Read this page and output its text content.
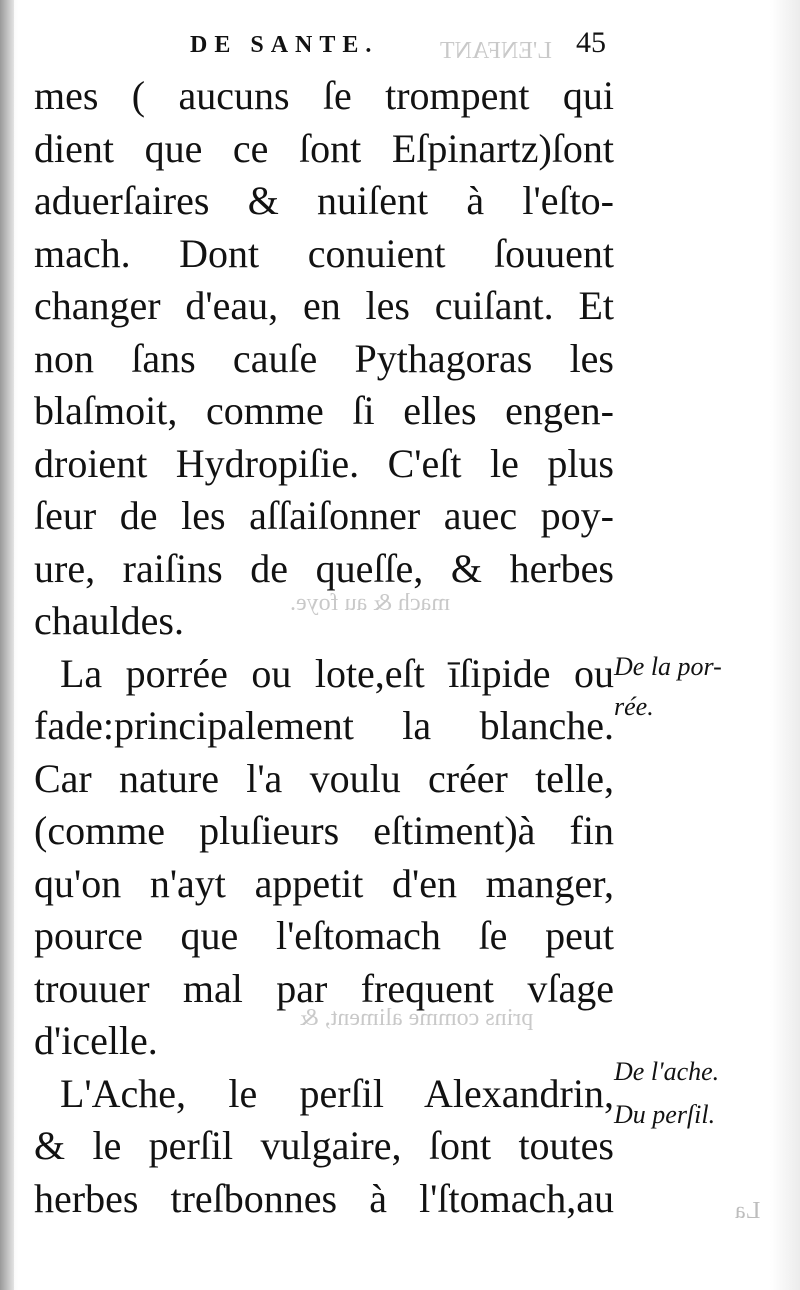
L'ENFANT
mach & au foye.
prins comme aliment, &
DE SANTE.	45
mes ( aucuns ſe trompent qui
dient que ce ſont Eſpinartz)ſont
aduerſaires & nuiſent à l'eſto-
mach. Dont conuient ſouuent
changer d'eau, en les cuiſant. Et
non ſans cauſe Pythagoras les
blaſmoit, comme ſi elles engen-
droient Hydropiſie. C'eſt le plus
ſeur de les aſſaiſonner auec poy-
ure, raiſins de queſſe, & herbes
chauldes.
La porrée ou lote,eſt īſipide ou
fade:principalement la blanche.
Car nature l'a voulu créer telle,
(comme pluſieurs eſtiment)à fin
qu'on n'ayt appetit d'en manger,
pource que l'eſtomach ſe peut
trouuer mal par frequent vſage
d'icelle.
L'Ache, le perſil Alexandrin,
& le perſil vulgaire, ſont toutes
herbes treſbonnes à l'ſtomach,au
De la por-
rée.
De l'ache.
Du perſil.
La
